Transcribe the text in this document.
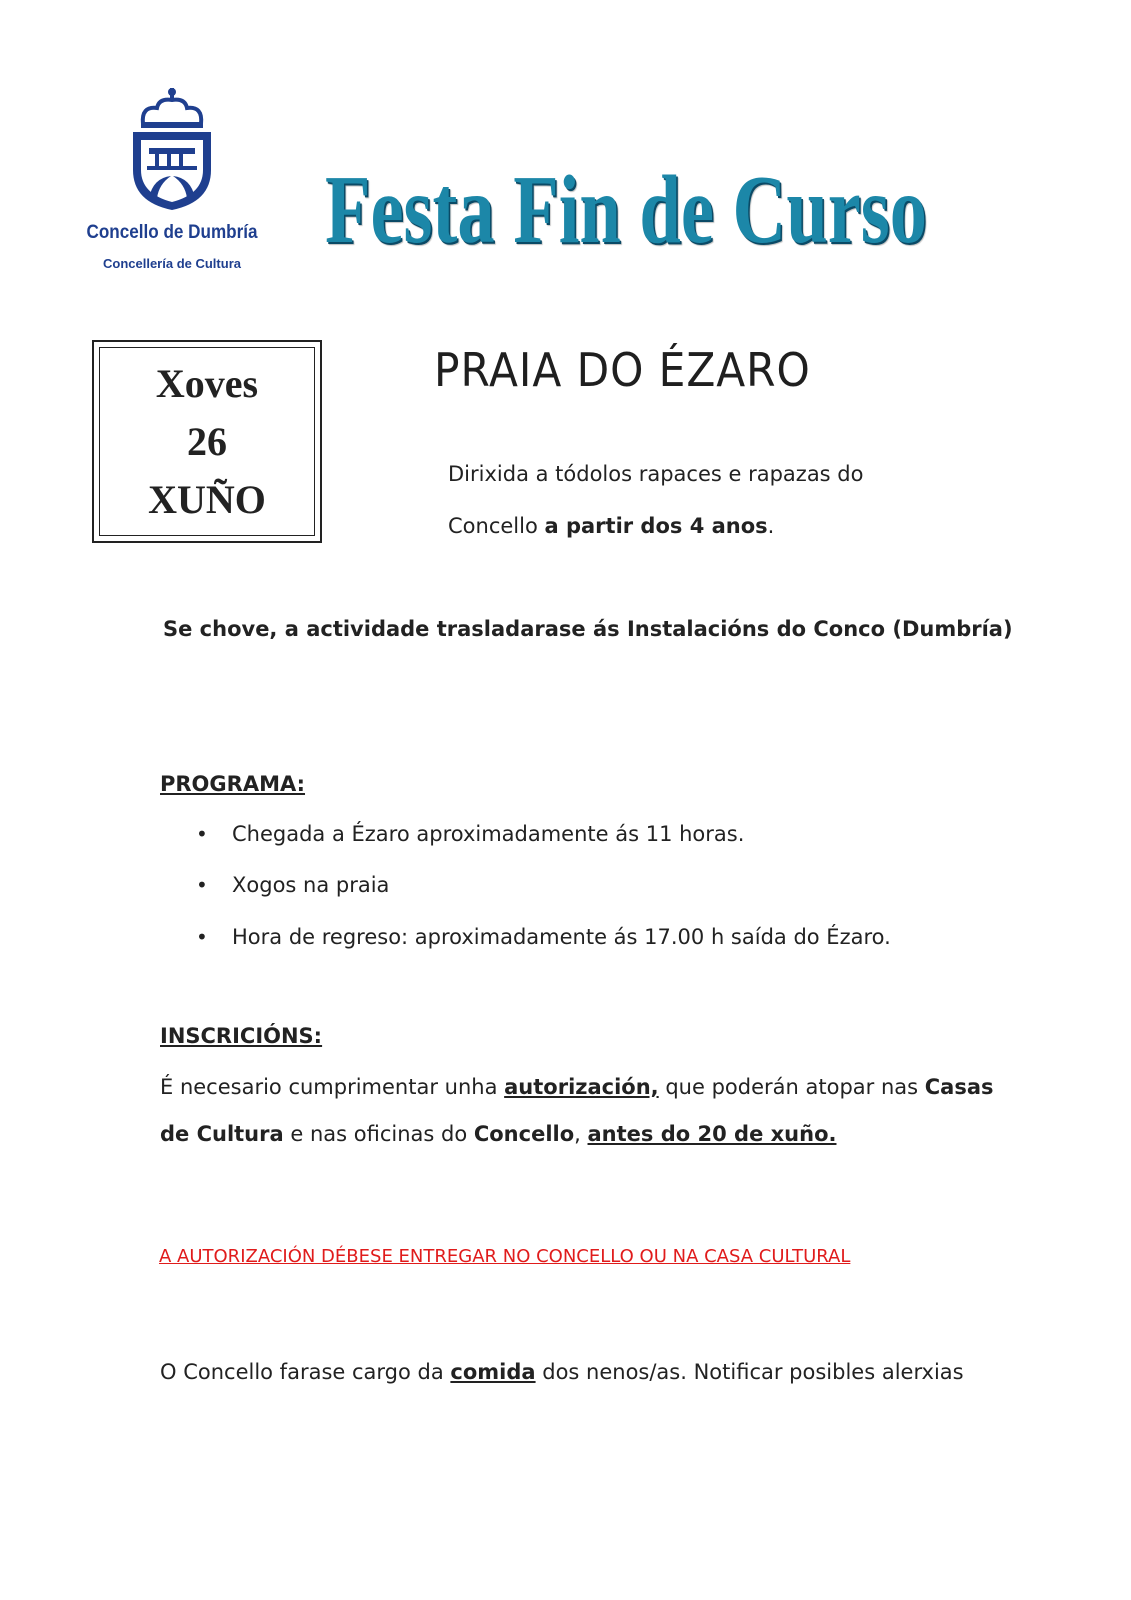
Concello de Dumbría
Concellería de Cultura Festa Fin de Curso
Xoves
26
XUÑO
PRAIA DO ÉZARO
Dirixida a tódolos rapaces e rapazas do
Concello a partir dos 4 anos.
Se chove, a actividade trasladarase ás Instalacións do Conco (Dumbría)
PROGRAMA:
• Chegada a Ézaro aproximadamente ás 11 horas.
• Xogos na praia
• Hora de regreso: aproximadamente ás 17.00 h saída do Ézaro.
INSCRICIÓNS:
É necesario cumprimentar unha autorización, que poderán atopar nas Casas
de Cultura e nas oficinas do Concello, antes do 20 de xuño.
A AUTORIZACIÓN DÉBESE ENTREGAR NO CONCELLO OU NA CASA CULTURAL
O Concello farase cargo da comida dos nenos/as. Notificar posibles alerxias
